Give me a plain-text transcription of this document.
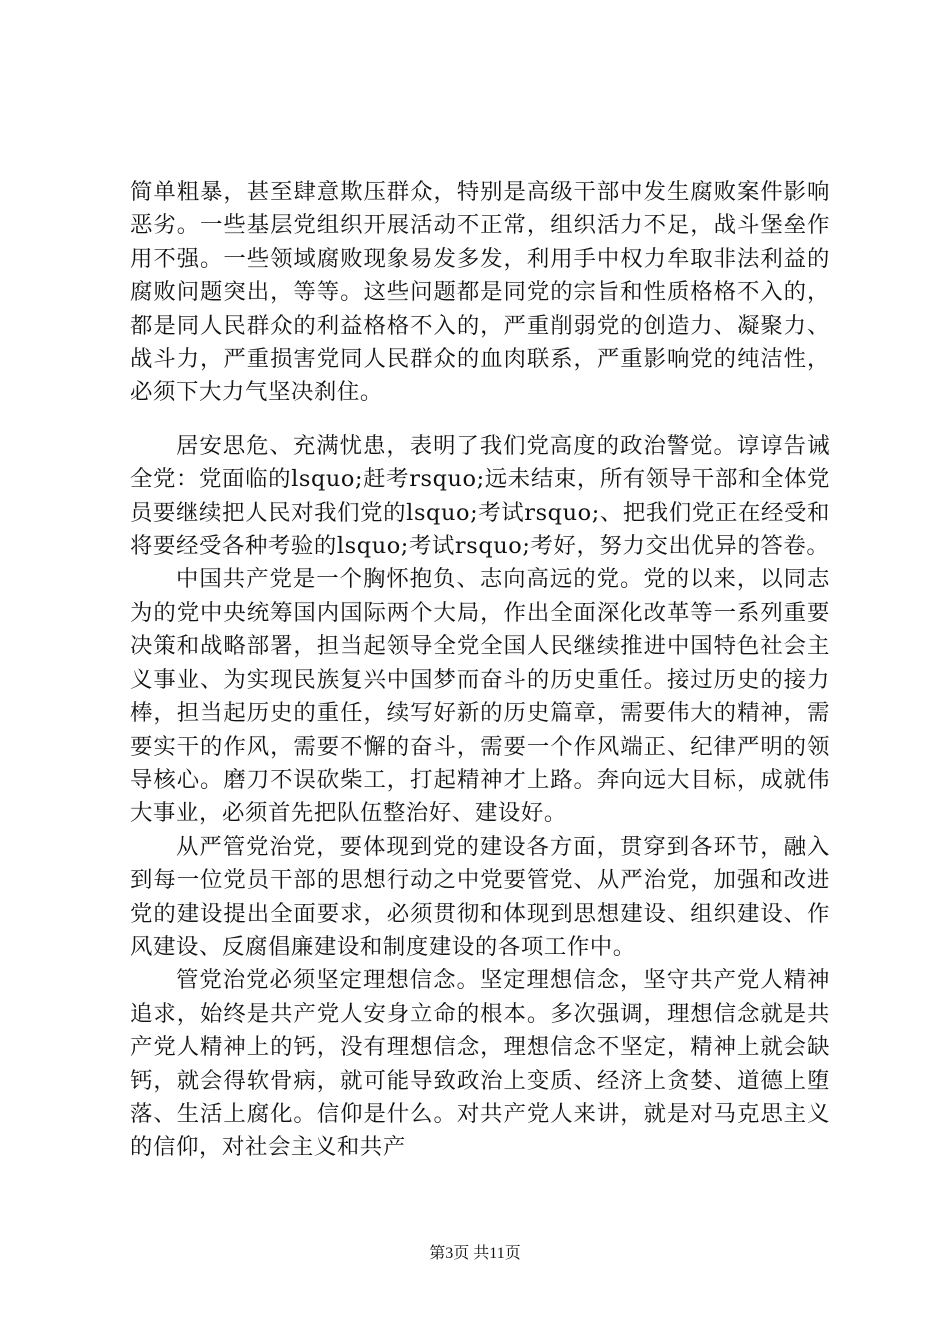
简单粗暴，甚至肆意欺压群众，特别是高级干部中发生腐败案件影响恶劣。一些基层党组织开展活动不正常，组织活力不足，战斗堡垒作用不强。一些领域腐败现象易发多发，利用手中权力牟取非法利益的腐败问题突出，等等。这些问题都是同党的宗旨和性质格格不入的，都是同人民群众的利益格格不入的，严重削弱党的创造力、凝聚力、战斗力，严重损害党同人民群众的血肉联系，严重影响党的纯洁性，必须下大力气坚决刹住。

居安思危、充满忧患，表明了我们党高度的政治警觉。谆谆告诫全党：党面临的lsquo;赶考rsquo;远未结束，所有领导干部和全体党员要继续把人民对我们党的lsquo;考试rsquo;、把我们党正在经受和将要经受各种考验的lsquo;考试rsquo;考好，努力交出优异的答卷。

中国共产党是一个胸怀抱负、志向高远的党。党的以来，以同志为的党中央统筹国内国际两个大局，作出全面深化改革等一系列重要决策和战略部署，担当起领导全党全国人民继续推进中国特色社会主义事业、为实现民族复兴中国梦而奋斗的历史重任。接过历史的接力棒，担当起历史的重任，续写好新的历史篇章，需要伟大的精神，需要实干的作风，需要不懈的奋斗，需要一个作风端正、纪律严明的领导核心。磨刀不误砍柴工，打起精神才上路。奔向远大目标，成就伟大事业，必须首先把队伍整治好、建设好。

从严管党治党，要体现到党的建设各方面，贯穿到各环节，融入到每一位党员干部的思想行动之中党要管党、从严治党，加强和改进党的建设提出全面要求，必须贯彻和体现到思想建设、组织建设、作风建设、反腐倡廉建设和制度建设的各项工作中。

管党治党必须坚定理想信念。坚定理想信念，坚守共产党人精神追求，始终是共产党人安身立命的根本。多次强调，理想信念就是共产党人精神上的钙，没有理想信念，理想信念不坚定，精神上就会缺钙，就会得软骨病，就可能导致政治上变质、经济上贪婪、道德上堕落、生活上腐化。信仰是什么。对共产党人来讲，就是对马克思主义的信仰，对社会主义和共产

第3页 共11页
